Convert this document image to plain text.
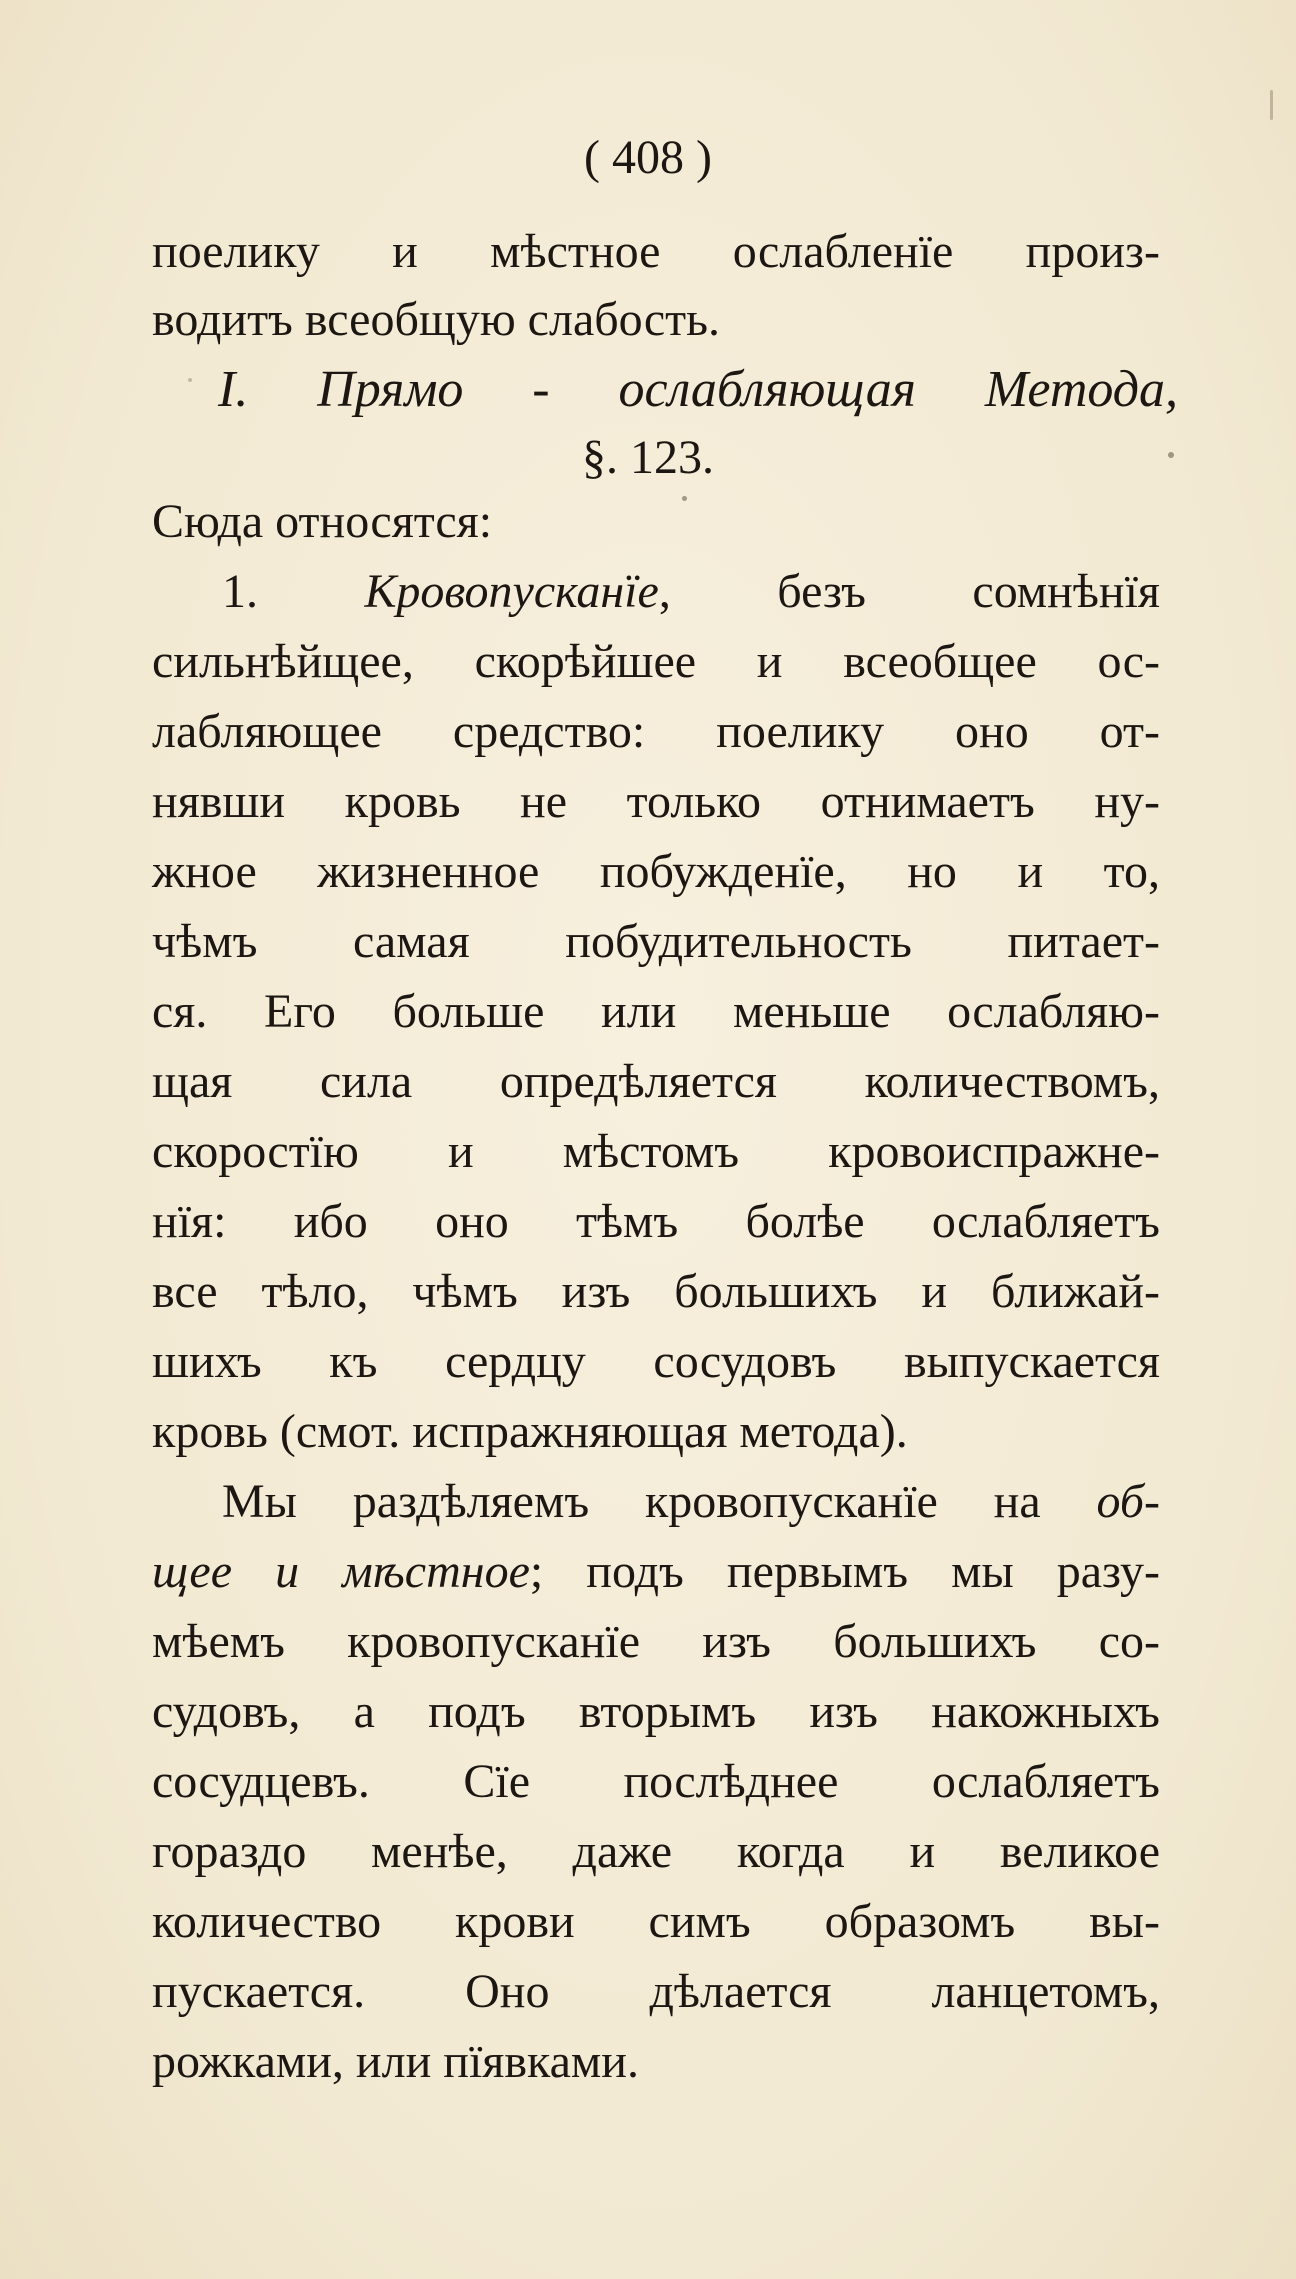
( 408 )
поелику и мѣстное ослабленїе произ-
водитъ всеобщую слабость.
I. Прямо - ослабляющая Метода,
§. 123.
Сюда относятся:
1. Кровопусканїе, безъ сомнѣнїя
сильнѣйщее, скорѣйшее и всеобщее ос-
лабляющее средство: поелику оно от-
нявши кровь не только отнимаетъ ну-
жное жизненное побужденїе, но и то,
чѣмъ самая побудительность питает-
ся. Его больше или меньше ослабляю-
щая сила опредѣляется количествомъ,
скоростїю и мѣстомъ кровоиспражне-
нїя: ибо оно тѣмъ болѣе ослабляетъ
все тѣло, чѣмъ изъ большихъ и ближай-
шихъ къ сердцу сосудовъ выпускается
кровь (смот. испражняющая метода).
Мы раздѣляемъ кровопусканїе на об-
щее и мѣстное; подъ первымъ мы разу-
мѣемъ кровопусканїе изъ большихъ со-
судовъ, а подъ вторымъ изъ накожныхъ
сосудцевъ. Сїе послѣднее ослабляетъ
гораздо менѣе, даже когда и великое
количество крови симъ образомъ вы-
пускается. Оно дѣлается ланцетомъ,
рожками, или пїявками.
